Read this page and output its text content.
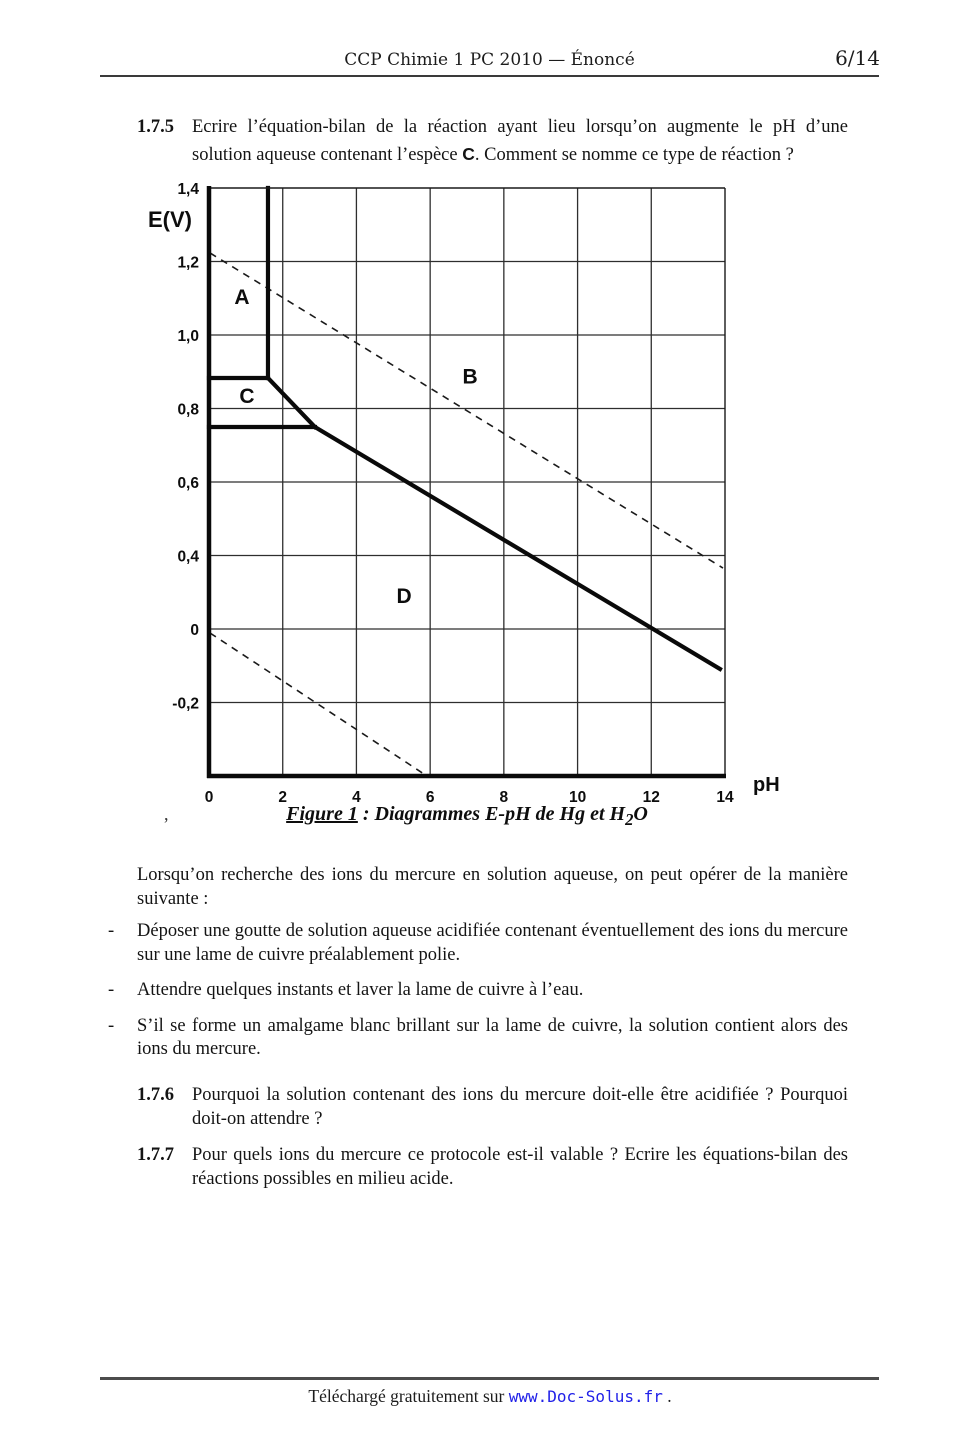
CCP Chimie 1 PC 2010 — Énoncé	6/14
1.7.5 Ecrire l’équation-bilan de la réaction ayant lieu lorsqu’on augmente le pH d’une solution aqueuse contenant l’espèce C. Comment se nomme ce type de réaction ?
1,4
1,2
1,0
0,8
0,6
0,4
0
-0,2
0	2	4	6	8	10	12	14
E(V)
pH
A
B
C
D
,	Figure 1 : Diagrammes E-pH de Hg et $H_2O$
Lorsqu’on recherche des ions du mercure en solution aqueuse, on peut opérer de la manière suivante :
-	Déposer une goutte de solution aqueuse acidifiée contenant éventuellement des ions du mercure sur une lame de cuivre préalablement polie.
-	Attendre quelques instants et laver la lame de cuivre à l’eau.
-	S’il se forme un amalgame blanc brillant sur la lame de cuivre, la solution contient alors des ions du mercure.
1.7.6 Pourquoi la solution contenant des ions du mercure doit-elle être acidifiée ? Pourquoi doit-on attendre ?
1.7.7 Pour quels ions du mercure ce protocole est-il valable ? Ecrire les équations-bilan des réactions possibles en milieu acide.
Téléchargé gratuitement sur www.Doc-Solus.fr .
